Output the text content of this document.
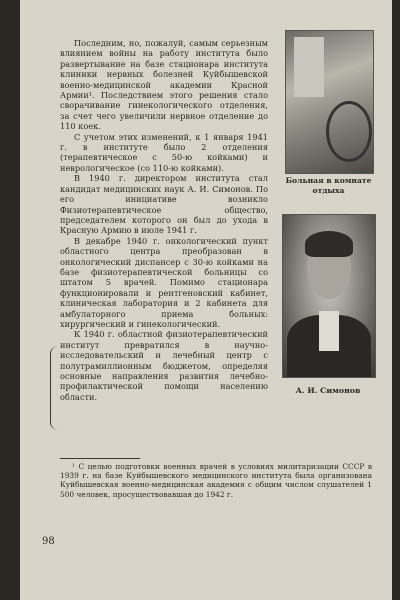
Последним, но, пожалуй, самым серьезным влиянием войны на работу института было развертывание на базе стационара института клиники нервных болезней Куйбышевской военно-медицинской академии Красной Армии¹. Последствием этого решения стало сворачивание гинекологического отделения, за счет чего увеличили нервное отделение до 110 коек.

С учетом этих изменений, к 1 января 1941 г. в институте было 2 отделения (терапевтическое с 50-ю койками) и неврологическое (со 110-ю койками).

В 1940 г. директором института стал кандидат медицинских наук А. И. Симонов. По его инициативе возникло Физиотерапевтическое общество, председателем которого он был до ухода в Красную Армию в июле 1941 г.

В декабре 1940 г. онкологический пункт областного центра преобразован в онкологический диспансер с 30-ю койками на базе физиотерапевтической больницы со штатом 5 врачей. Помимо стационара функционировали и рентгеновский кабинет, клиническая лаборатория и 2 кабинета для амбулаторного приема больных: хирургический и гинекологический.

К 1940 г. областной физиотерапевтический институт превратился в научно-исследовательский и лечебный центр с полутрамиллионным бюджетом, определяя основные направления развития лечебно-профилактической помощи населению области.

Больная в комнате отдыха
А. И. Симонов

¹ С целью подготовки военных врачей в условиях милитаризации СССР в 1939 г. на базе Куйбышевского медицинского института была организована Куйбышевская военно-медицинская академия с общим числом слушателей 1 500 человек, просуществовавшая до 1942 г.

98
